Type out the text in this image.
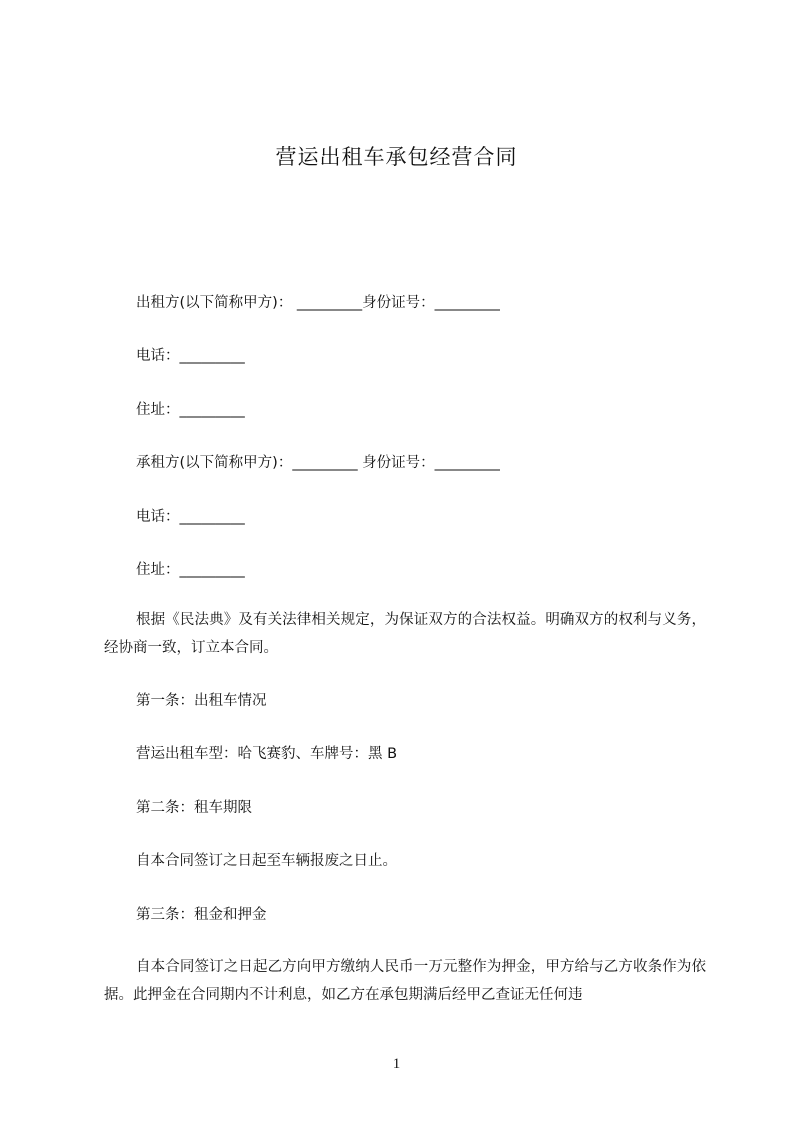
营运出租车承包经营合同
出租方(以下简称甲方)： _________身份证号：_________
电话：_________
住址：_________
承租方(以下简称甲方)：_________ 身份证号：_________
电话：_________
住址：_________
根据《民法典》及有关法律相关规定，为保证双方的合法权益。明确双方的权利与义务，经协商一致，订立本合同。
第一条：出租车情况
营运出租车型：哈飞赛豹、车牌号：黑 B
第二条：租车期限
自本合同签订之日起至车辆报废之日止。
第三条：租金和押金
自本合同签订之日起乙方向甲方缴纳人民币一万元整作为押金，甲方给与乙方收条作为依据。此押金在合同期内不计利息，如乙方在承包期满后经甲乙查证无任何违
1
